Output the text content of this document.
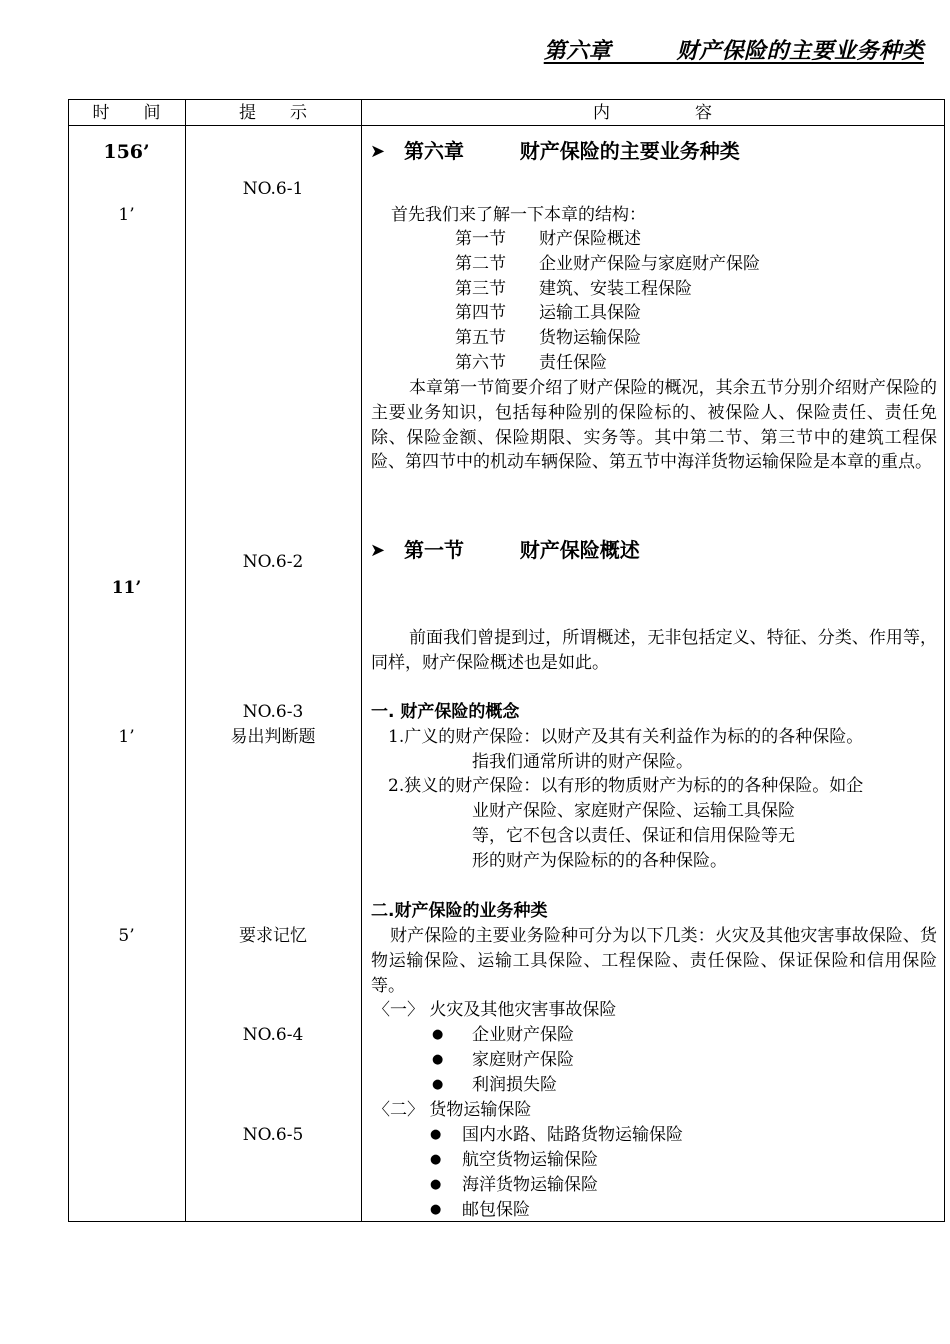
第六章        财产保险的主要业务种类
时　　间	提　　示	内　　　　　容
156’
1’
11’
1’
5’
NO.6-1
NO.6-2
NO.6-3
易出判断题
要求记忆
NO.6-4
NO.6-5
➤ 第六章        财产保险的主要业务种类
首先我们来了解一下本章的结构：
第一节 财产保险概述
第二节 企业财产保险与家庭财产保险
第三节 建筑、安装工程保险
第四节 运输工具保险
第五节 货物运输保险
第六节 责任保险
本章第一节简要介绍了财产保险的概况，其余五节分别介绍财产保险的主要业务知识，包括每种险别的保险标的、被保险人、保险责任、责任免除、保险金额、保险期限、实务等。其中第二节、第三节中的建筑工程保险、第四节中的机动车辆保险、第五节中海洋货物运输保险是本章的重点。
➤ 第一节        财产保险概述
前面我们曾提到过，所谓概述，无非包括定义、特征、分类、作用等，同样，财产保险概述也是如此。
一. 财产保险的概念
1.广义的财产保险：以财产及其有关利益作为标的的各种保险。
指我们通常所讲的财产保险。
2.狭义的财产保险：以有形的物质财产为标的的各种保险。如企
业财产保险、家庭财产保险、运输工具保险
等，它不包含以责任、保证和信用保险等无
形的财产为保险标的的各种保险。
二.财产保险的业务种类
财产保险的主要业务险种可分为以下几类：火灾及其他灾害事故保险、货物运输保险、运输工具保险、工程保险、责任保险、保证保险和信用保险等。
〈一〉 火灾及其他灾害事故保险
● 企业财产保险
● 家庭财产保险
● 利润损失险
〈二〉 货物运输保险
● 国内水路、陆路货物运输保险
● 航空货物运输保险
● 海洋货物运输保险
● 邮包保险
